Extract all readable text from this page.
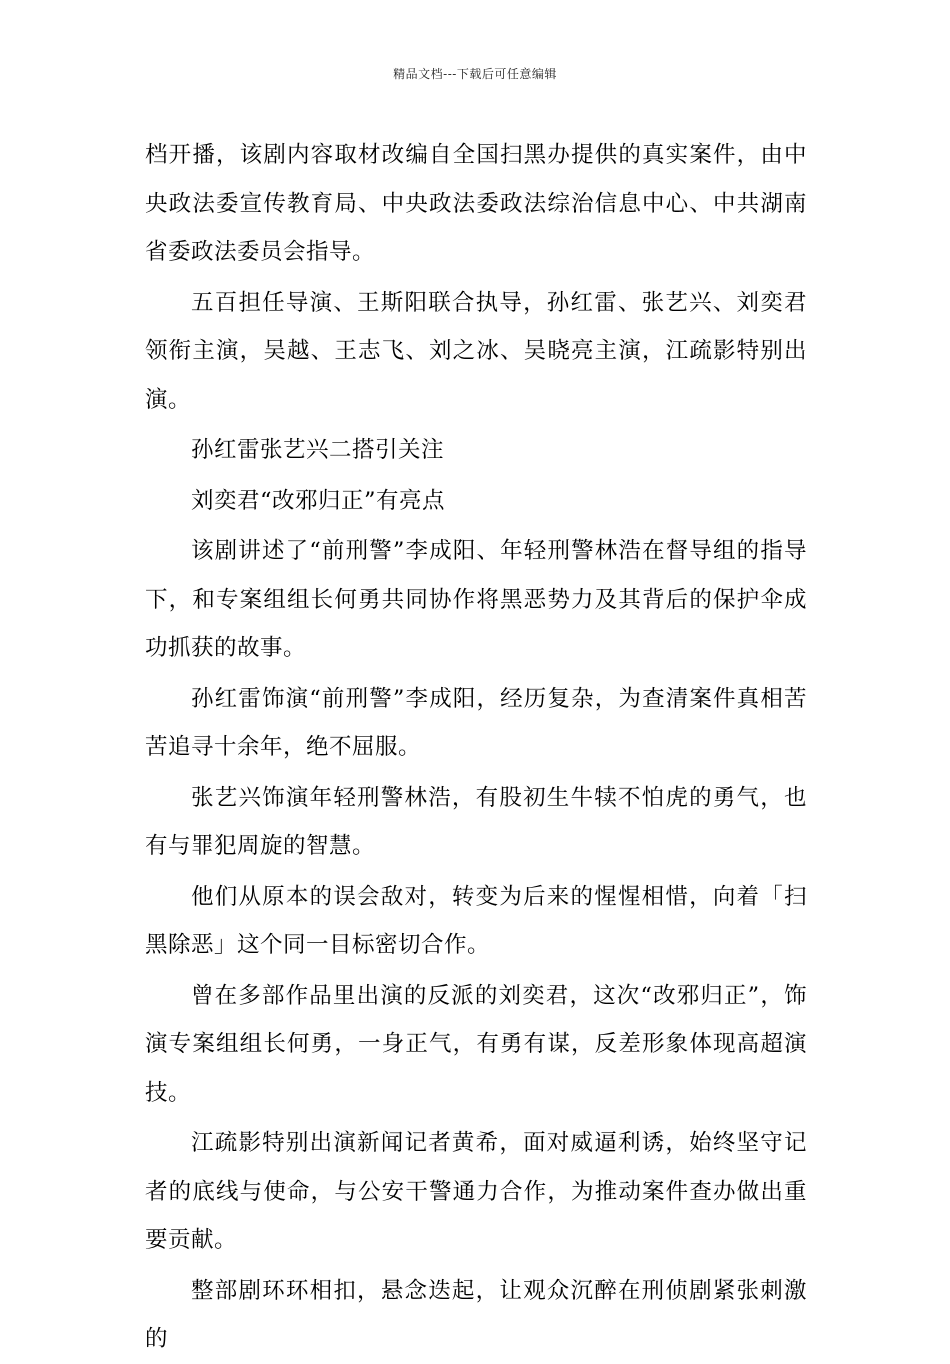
精品文档---下载后可任意编辑

档开播，该剧内容取材改编自全国扫黑办提供的真实案件，由中央政法委宣传教育局、中央政法委政法综治信息中心、中共湖南省委政法委员会指导。

五百担任导演、王斯阳联合执导，孙红雷、张艺兴、刘奕君领衔主演，吴越、王志飞、刘之冰、吴晓亮主演，江疏影特别出演。

孙红雷张艺兴二搭引关注

刘奕君“改邪归正”有亮点

该剧讲述了“前刑警”李成阳、年轻刑警林浩在督导组的指导下，和专案组组长何勇共同协作将黑恶势力及其背后的保护伞成功抓获的故事。

孙红雷饰演“前刑警”李成阳，经历复杂，为查清案件真相苦苦追寻十余年，绝不屈服。

张艺兴饰演年轻刑警林浩，有股初生牛犊不怕虎的勇气，也有与罪犯周旋的智慧。

他们从原本的误会敌对，转变为后来的惺惺相惜，向着「扫黑除恶」这个同一目标密切合作。

曾在多部作品里出演的反派的刘奕君，这次“改邪归正”，饰演专案组组长何勇，一身正气，有勇有谋，反差形象体现高超演技。

江疏影特别出演新闻记者黄希，面对威逼利诱，始终坚守记者的底线与使命，与公安干警通力合作，为推动案件查办做出重要贡献。

整部剧环环相扣，悬念迭起，让观众沉醉在刑侦剧紧张刺激的
